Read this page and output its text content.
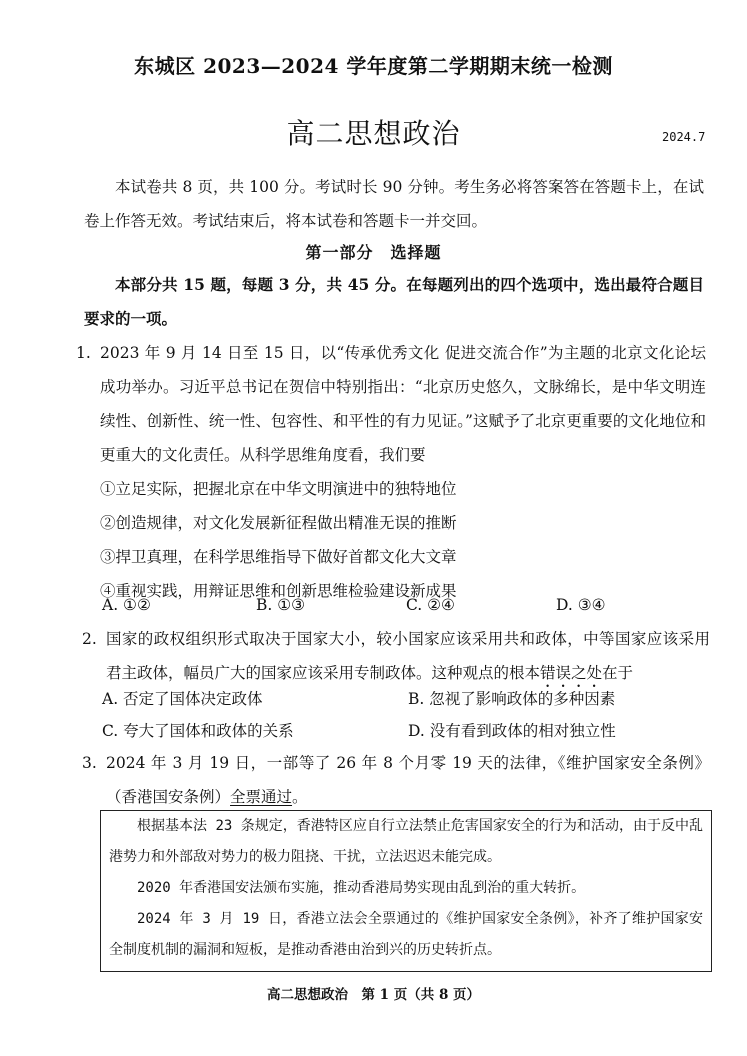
东城区 2023—2024 学年度第二学期期末统一检测
高二思想政治	2024.7

本试卷共 8 页，共 100 分。考试时长 90 分钟。考生务必将答案答在答题卡上，在试卷上作答无效。考试结束后，将本试卷和答题卡一并交回。

第一部分　选择题

本部分共 15 题，每题 3 分，共 45 分。在每题列出的四个选项中，选出最符合题目要求的一项。

1. 2023 年 9 月 14 日至 15 日，以“传承优秀文化 促进交流合作”为主题的北京文化论坛成功举办。习近平总书记在贺信中特别指出：“北京历史悠久，文脉绵长，是中华文明连续性、创新性、统一性、包容性、和平性的有力见证。”这赋予了北京更重要的文化地位和更重大的文化责任。从科学思维角度看，我们要
①立足实际，把握北京在中华文明演进中的独特地位
②创造规律，对文化发展新征程做出精准无误的推断
③捍卫真理，在科学思维指导下做好首都文化大文章
④重视实践，用辩证思维和创新思维检验建设新成果
A. ①②	B. ①③	C. ②④	D. ③④
2. 国家的政权组织形式取决于国家大小，较小国家应该采用共和政体，中等国家应该采用君主政体，幅员广大的国家应该采用专制政体。这种观点的根本错误之处在于
A. 否定了国体决定政体	B. 忽视了影响政体的多种因素
C. 夸大了国体和政体的关系	D. 没有看到政体的相对独立性
3. 2024 年 3 月 19 日，一部等了 26 年 8 个月零 19 天的法律，《维护国家安全条例》（香港国安条例）全票通过。

根据基本法 23 条规定，香港特区应自行立法禁止危害国家安全的行为和活动，由于反中乱港势力和外部敌对势力的极力阻挠、干扰，立法迟迟未能完成。

2020 年香港国安法颁布实施，推动香港局势实现由乱到治的重大转折。

2024 年 3 月 19 日，香港立法会全票通过的《维护国家安全条例》，补齐了维护国家安全制度机制的漏洞和短板，是推动香港由治到兴的历史转折点。

高二思想政治　第 1 页（共 8 页）
